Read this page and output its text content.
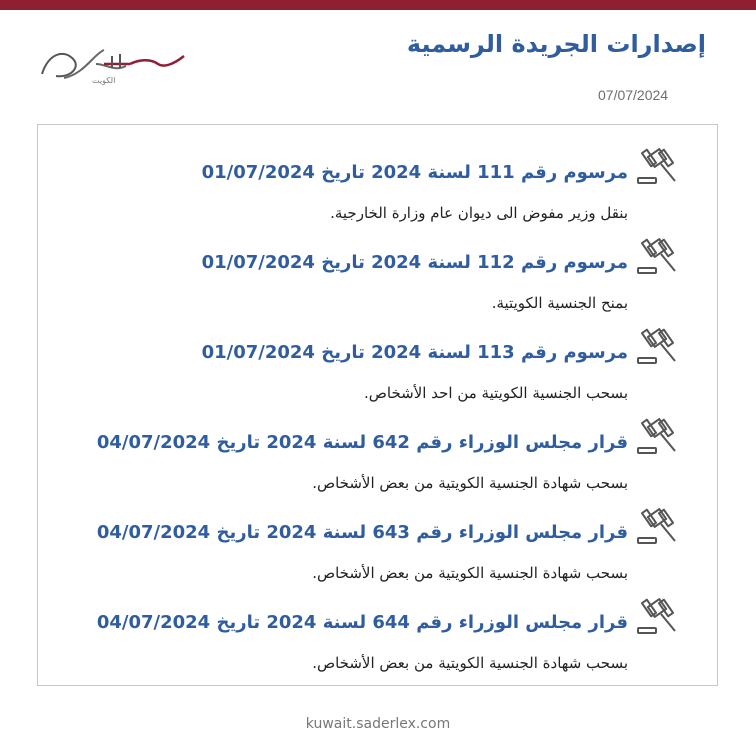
إصدارات الجريدة الرسمية
07/07/2024
الكويت
مرسوم رقم 111 لسنة 2024 تاريخ 01/07/2024
بنقل وزير مفوض الى ديوان عام وزارة الخارجية.
مرسوم رقم 112 لسنة 2024 تاريخ 01/07/2024
بمنح الجنسية الكويتية.
مرسوم رقم 113 لسنة 2024 تاريخ 01/07/2024
بسحب الجنسية الكويتية من احد الأشخاص.
قرار مجلس الوزراء رقم 642 لسنة 2024 تاريخ 04/07/2024
بسحب شهادة الجنسية الكويتية من بعض الأشخاص.
قرار مجلس الوزراء رقم 643 لسنة 2024 تاريخ 04/07/2024
بسحب شهادة الجنسية الكويتية من بعض الأشخاص.
قرار مجلس الوزراء رقم 644 لسنة 2024 تاريخ 04/07/2024
بسحب شهادة الجنسية الكويتية من بعض الأشخاص.
kuwait.saderlex.com
